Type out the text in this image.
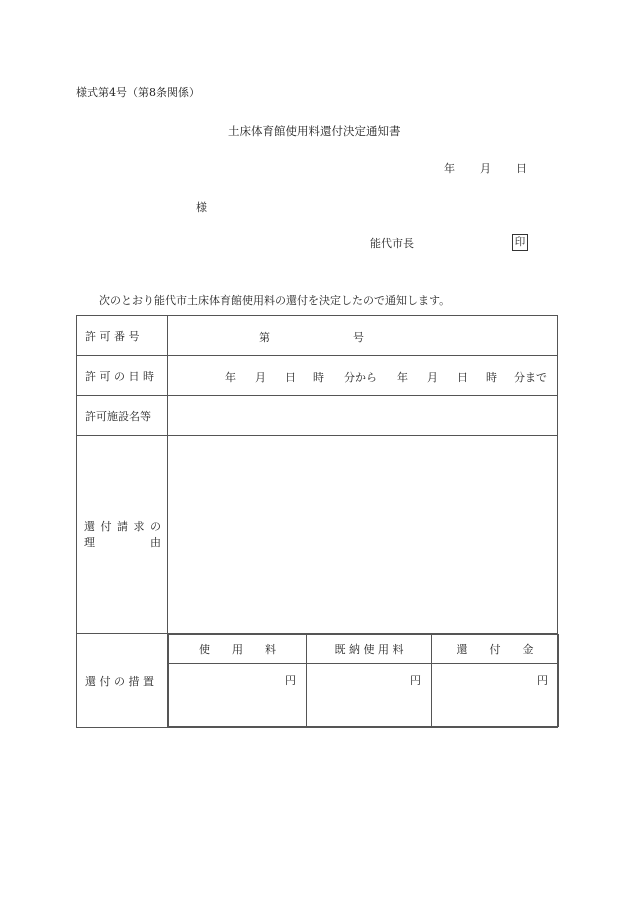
様式第4号（第8条関係）
土床体育館使用料還付決定通知書
年 月 日
様
能代市長	印
次のとおり能代市土床体育館使用料の還付を決定したので通知します。
許 可 番 号	第	号

許 可 の 日 時	年 月 日 時 分から 年 月 日 時 分まで

許可施設名等	

還 付 請 求 の
理	由

還 付 の 措 置	
使　　用　　料	既 納 使 用 料	還　　付　　金
円	円	円
